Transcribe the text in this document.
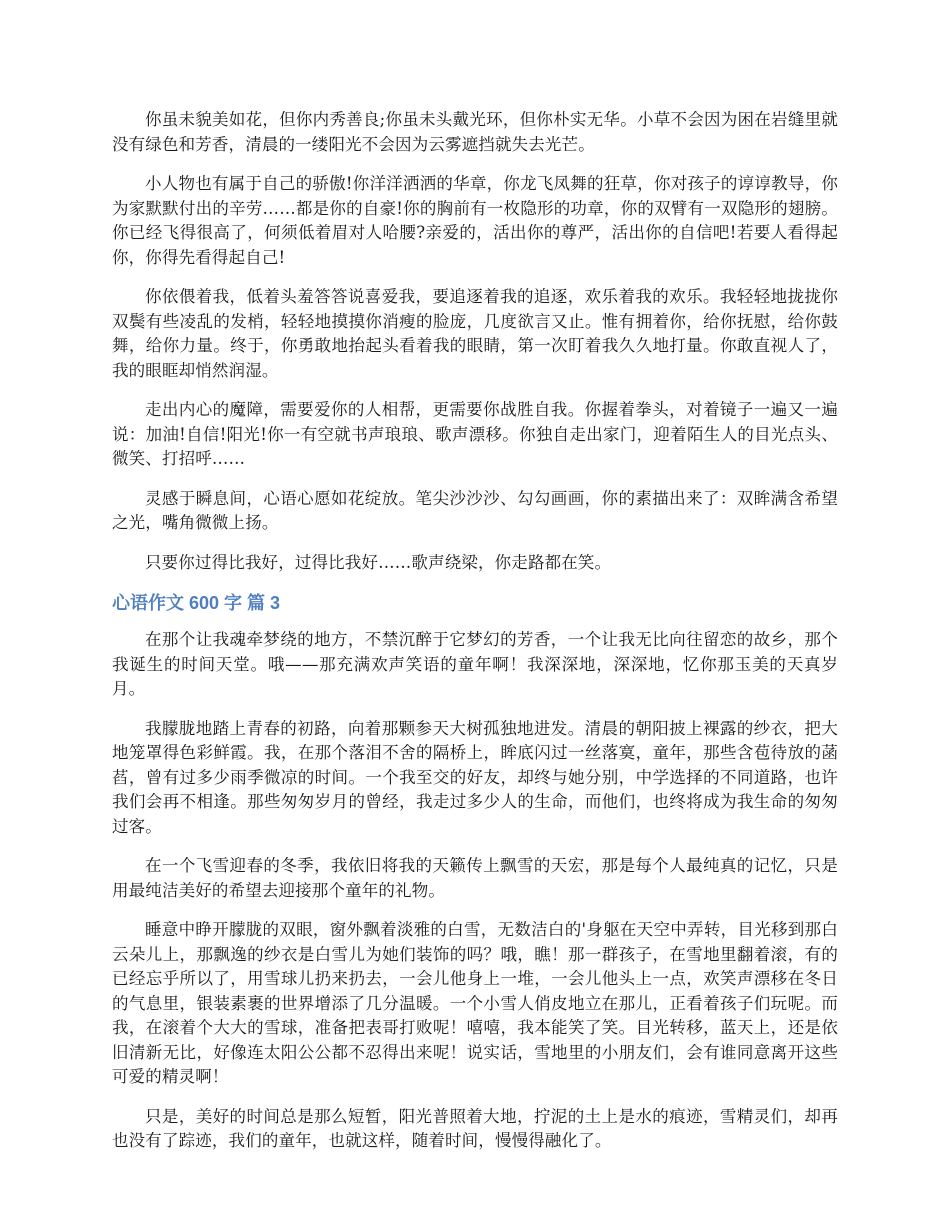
你虽未貌美如花，但你内秀善良;你虽未头戴光环，但你朴实无华。小草不会因为困在岩缝里就没有绿色和芳香，清晨的一缕阳光不会因为云雾遮挡就失去光芒。

小人物也有属于自己的骄傲!你洋洋洒洒的华章，你龙飞凤舞的狂草，你对孩子的谆谆教导，你为家默默付出的辛劳……都是你的自豪!你的胸前有一枚隐形的功章，你的双臂有一双隐形的翅膀。你已经飞得很高了，何须低着眉对人哈腰?亲爱的，活出你的尊严，活出你的自信吧!若要人看得起你，你得先看得起自己!

你依偎着我，低着头羞答答说喜爱我，要追逐着我的追逐，欢乐着我的欢乐。我轻轻地拢拢你双鬓有些凌乱的发梢，轻轻地摸摸你消瘦的脸庞，几度欲言又止。惟有拥着你，给你抚慰，给你鼓舞，给你力量。终于，你勇敢地抬起头看着我的眼睛，第一次盯着我久久地打量。你敢直视人了，我的眼眶却悄然润湿。

走出内心的魔障，需要爱你的人相帮，更需要你战胜自我。你握着拳头，对着镜子一遍又一遍说：加油!自信!阳光!你一有空就书声琅琅、歌声漂移。你独自走出家门，迎着陌生人的目光点头、微笑、打招呼……

灵感于瞬息间，心语心愿如花绽放。笔尖沙沙沙、勾勾画画，你的素描出来了：双眸满含希望之光，嘴角微微上扬。

只要你过得比我好，过得比我好……歌声绕梁，你走路都在笑。

心语作文 600 字 篇 3

在那个让我魂牵梦绕的地方，不禁沉醉于它梦幻的芳香，一个让我无比向往留恋的故乡，那个我诞生的时间天堂。哦——那充满欢声笑语的童年啊！我深深地，深深地，忆你那玉美的天真岁月。

我朦胧地踏上青春的初路，向着那颗参天大树孤独地进发。清晨的朝阳披上裸露的纱衣，把大地笼罩得色彩鲜霞。我，在那个落泪不舍的隔桥上，眸底闪过一丝落寞，童年，那些含苞待放的菡萏，曾有过多少雨季微凉的时间。一个我至交的好友，却终与她分别，中学选择的不同道路，也许我们会再不相逢。那些匆匆岁月的曾经，我走过多少人的生命，而他们，也终将成为我生命的匆匆过客。

在一个飞雪迎春的冬季，我依旧将我的天籁传上飘雪的天宏，那是每个人最纯真的记忆，只是用最纯洁美好的希望去迎接那个童年的礼物。

睡意中睁开朦胧的双眼，窗外飘着淡雅的白雪，无数洁白的'身躯在天空中弄转，目光移到那白云朵儿上，那飘逸的纱衣是白雪儿为她们装饰的吗？哦，瞧！那一群孩子，在雪地里翻着滚，有的已经忘乎所以了，用雪球儿扔来扔去，一会儿他身上一堆，一会儿他头上一点，欢笑声漂移在冬日的气息里，银装素裹的世界增添了几分温暖。一个小雪人俏皮地立在那儿，正看着孩子们玩呢。而我，在滚着个大大的雪球，准备把表哥打败呢！嘻嘻，我本能笑了笑。目光转移，蓝天上，还是依旧清新无比，好像连太阳公公都不忍得出来呢！说实话，雪地里的小朋友们，会有谁同意离开这些可爱的精灵啊！

只是，美好的时间总是那么短暂，阳光普照着大地，拧泥的土上是水的痕迹，雪精灵们，却再也没有了踪迹，我们的童年，也就这样，随着时间，慢慢得融化了。
